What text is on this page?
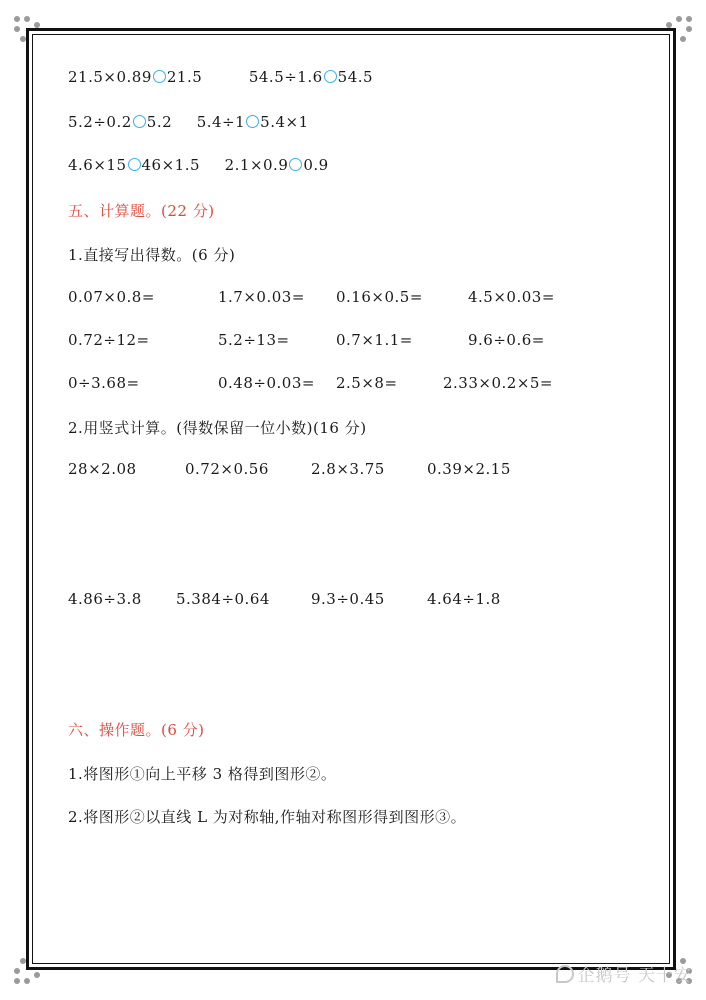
21.5×0.89 21.5	54.5÷1.6 54.5
5.2÷0.2 5.2 5.4÷1 5.4×1
4.6×15 46×1.5 2.1×0.9 0.9
五、计算题。(22 分)
1.直接写出得数。(6 分)
0.07×0.8=	1.7×0.03= 0.16×0.5=	4.5×0.03=
0.72÷12=	5.2÷13=	0.7×1.1=	9.6÷0.6=
0÷3.68=	0.48÷0.03= 2.5×8=	2.33×0.2×5=
2.用竖式计算。(得数保留一位小数)(16 分)
28×2.08	0.72×0.56	2.8×3.75	0.39×2.15
4.86÷3.8 5.384÷0.64	9.3÷0.45	4.64÷1.8
六、操作题。(6 分)
1.将图形①向上平移 3 格得到图形②。
2.将图形②以直线 L 为对称轴,作轴对称图形得到图形③。
企鹅号 天十安
